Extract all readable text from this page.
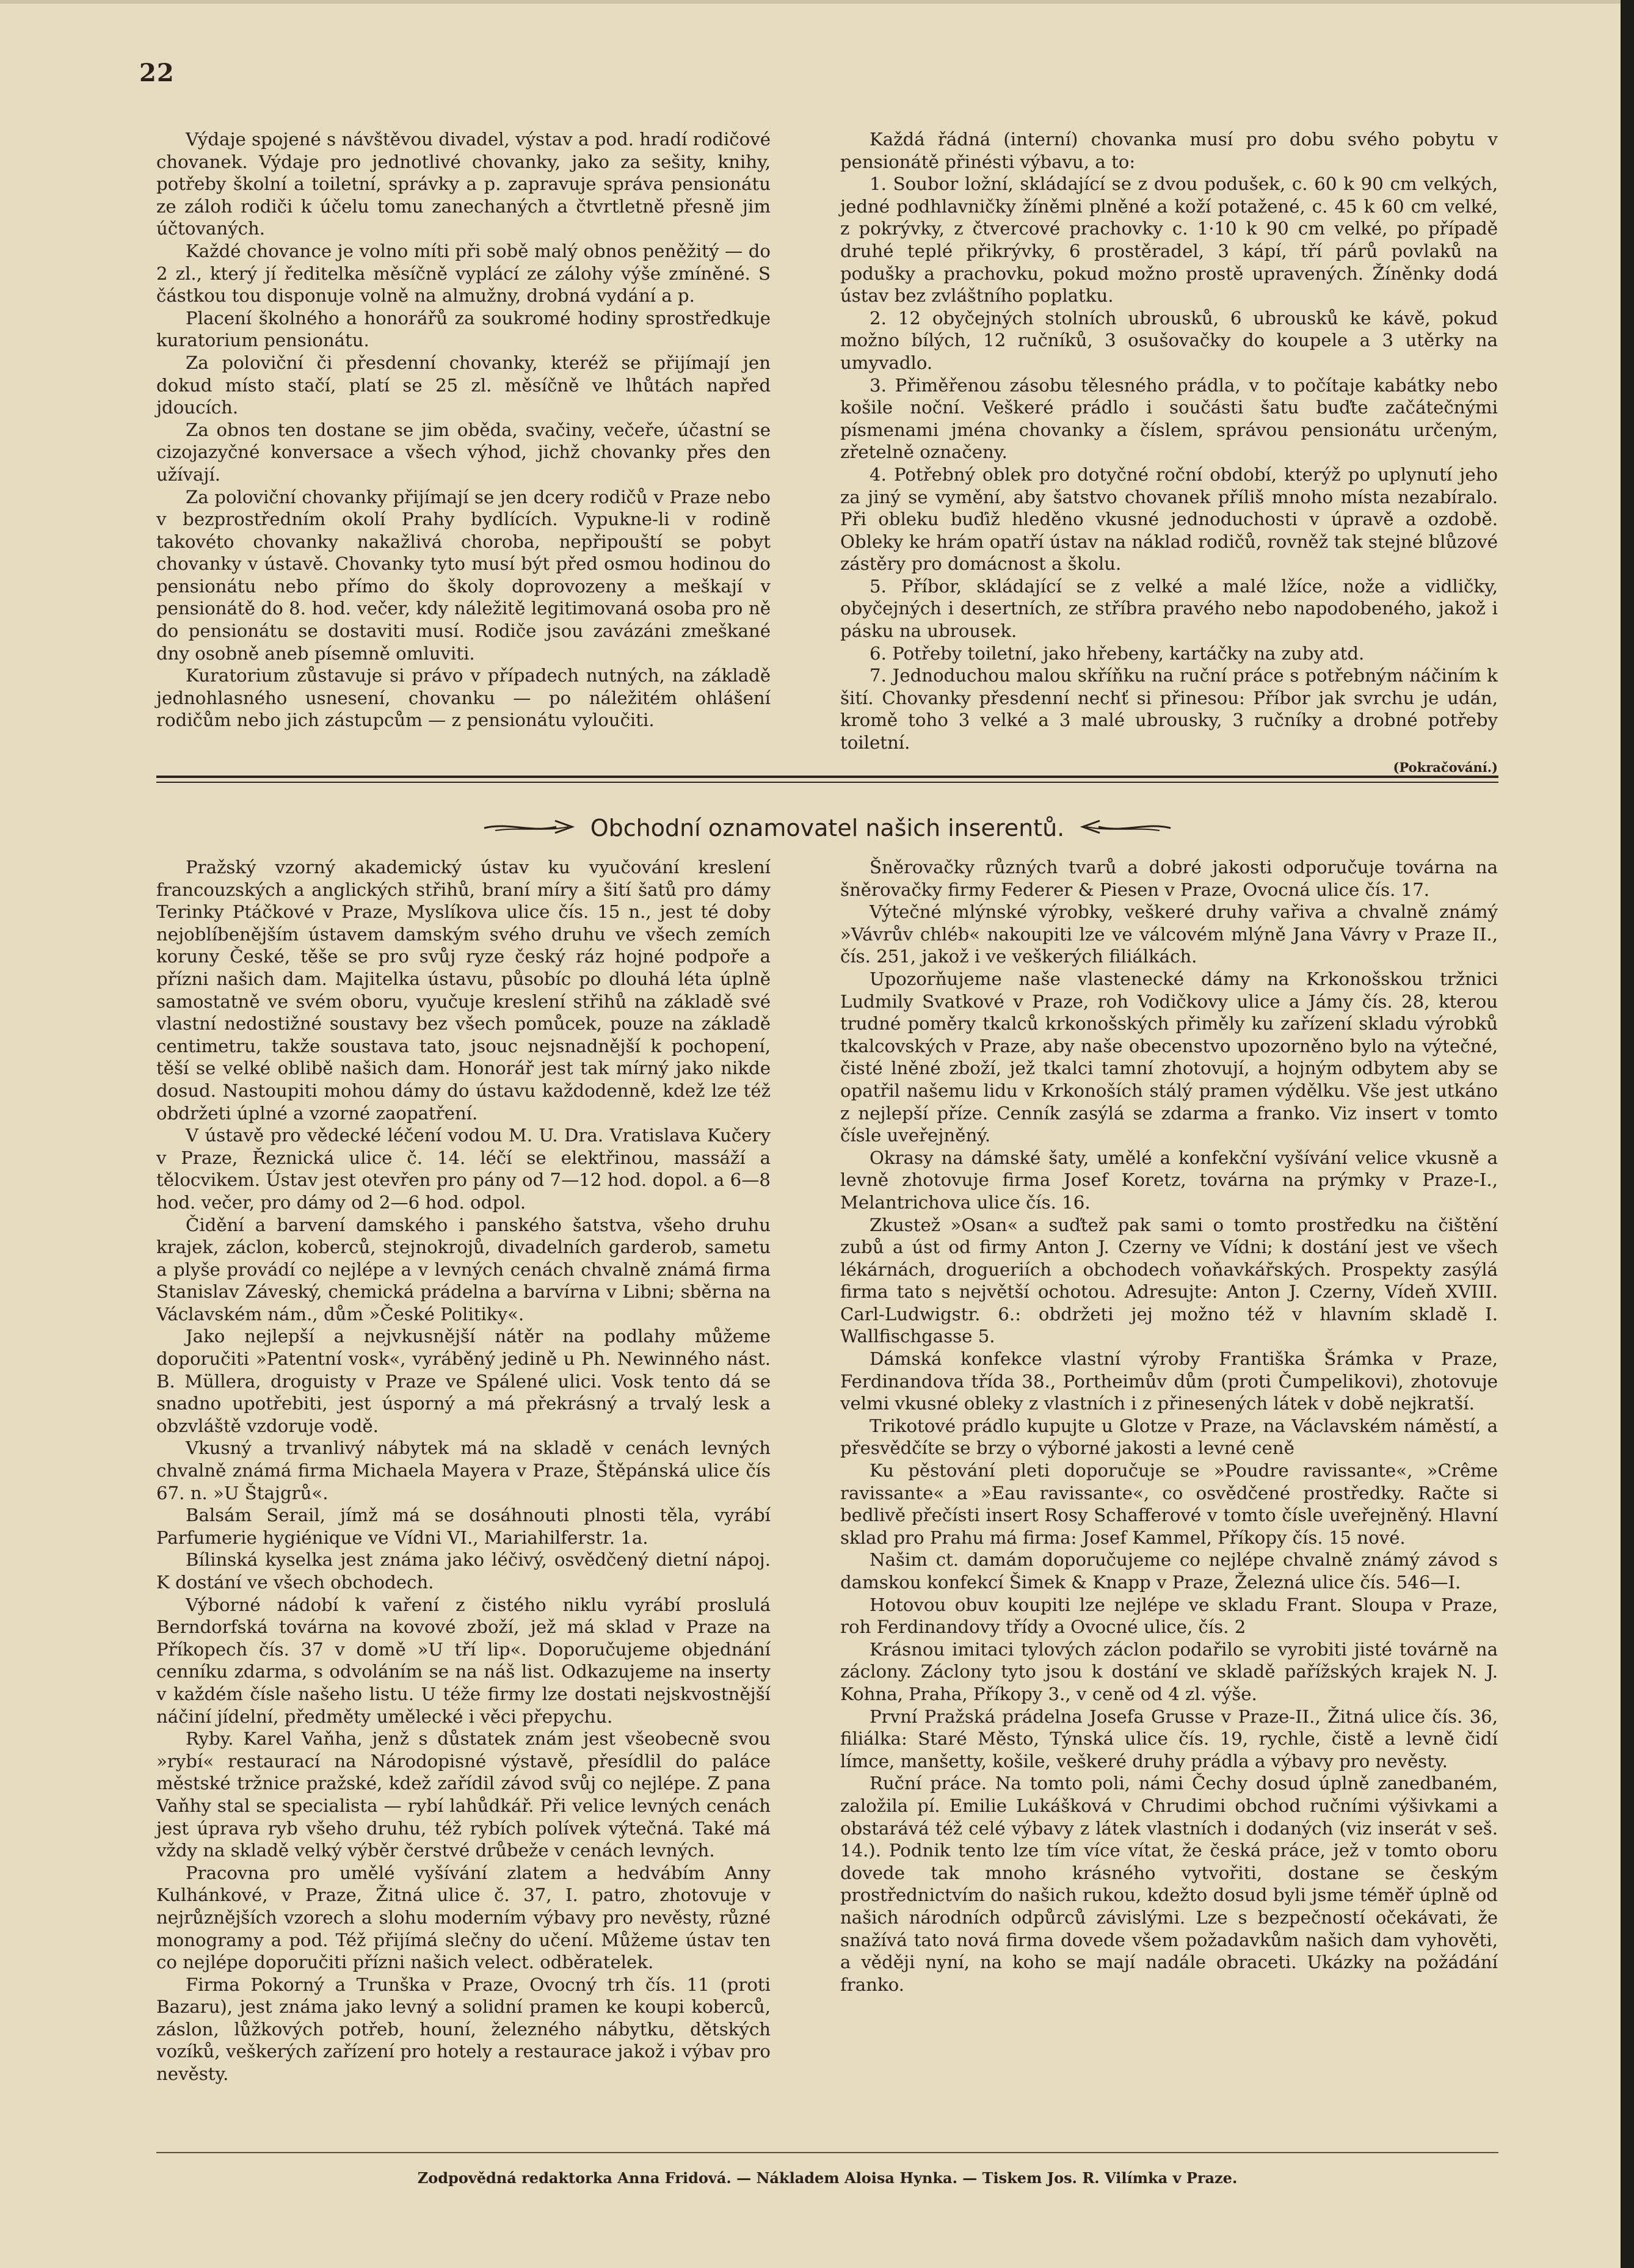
22

Výdaje spojené s návštěvou divadel, výstav a pod. hradí rodičové chovanek. Výdaje pro jednotlivé chovanky, jako za sešity, knihy, potřeby školní a toiletní, správky a p. zapravuje správa pensionátu ze záloh rodiči k účelu tomu zanechaných a čtvrtletně přesně jim účtovaných.

Každé chovance je volno míti při sobě malý obnos peněžitý — do 2 zl., který jí ředitelka měsíčně vyplácí ze zálohy výše zmíněné. S částkou tou disponuje volně na almužny, drobná vydání a p.

Placení školného a honorářů za soukromé hodiny sprostředkuje kuratorium pensionátu.

Za poloviční či přesdenní chovanky, kteréž se přijímají jen dokud místo stačí, platí se 25 zl. měsíčně ve lhůtách napřed jdoucích.

Za obnos ten dostane se jim oběda, svačiny, večeře, účastní se cizojazyčné konversace a všech výhod, jichž chovanky přes den užívají.

Za poloviční chovanky přijímají se jen dcery rodičů v Praze nebo v bezprostředním okolí Prahy bydlících. Vypukne-li v rodině takovéto chovanky nakažlivá choroba, nepřipouští se pobyt chovanky v ústavě. Chovanky tyto musí být před osmou hodinou do pensionátu nebo přímo do školy doprovozeny a meškají v pensionátě do 8. hod. večer, kdy náležitě legitimovaná osoba pro ně do pensionátu se dostaviti musí. Rodiče jsou zavázáni zmeškané dny osobně aneb písemně omluviti.

Kuratorium zůstavuje si právo v případech nutných, na základě jednohlasného usnesení, chovanku — po náležitém ohlášení rodičům nebo jich zástupcům — z pensionátu vyloučiti.

Každá řádná (interní) chovanka musí pro dobu svého pobytu v pensionátě přinésti výbavu, a to:

1. Soubor ložní, skládající se z dvou podušek, c. 60 k 90 cm velkých, jedné podhlavničky žíněmi plněné a koží potažené, c. 45 k 60 cm velké, z pokrývky, z čtvercové prachovky c. 1·10 k 90 cm velké, po případě druhé teplé přikrývky, 6 prostěradel, 3 kápí, tří párů povlaků na podušky a prachovku, pokud možno prostě upravených. Žíněnky dodá ústav bez zvláštního poplatku.

2. 12 obyčejných stolních ubrousků, 6 ubrousků ke kávě, pokud možno bílých, 12 ručníků, 3 osušovačky do koupele a 3 utěrky na umyvadlo.

3. Přiměřenou zásobu tělesného prádla, v to počítaje kabátky nebo košile noční. Veškeré prádlo i součásti šatu buďte začátečnými písmenami jména chovanky a číslem, správou pensionátu určeným, zřetelně označeny.

4. Potřebný oblek pro dotyčné roční období, kterýž po uplynutí jeho za jiný se vymění, aby šatstvo chovanek příliš mnoho místa nezabíralo. Při obleku buďiž hleděno vkusné jednoduchosti v úpravě a ozdobě. Obleky ke hrám opatří ústav na náklad rodičů, rovněž tak stejné blůzové zástěry pro domácnost a školu.

5. Příbor, skládající se z velké a malé lžíce, nože a vidličky, obyčejných i desertních, ze stříbra pravého nebo napodobeného, jakož i pásku na ubrousek.

6. Potřeby toiletní, jako hřebeny, kartáčky na zuby atd.

7. Jednoduchou malou skříňku na ruční práce s potřebným náčiním k šití. Chovanky přesdenní nechť si přinesou: Příbor jak svrchu je udán, kromě toho 3 velké a 3 malé ubrousky, 3 ručníky a drobné potřeby toiletní.

(Pokračování.)
Obchodní oznamovatel našich inserentů.

Pražský vzorný akademický ústav ku vyučování kreslení francouzských a anglických střihů, braní míry a šití šatů pro dámy Terinky Ptáčkové v Praze, Myslíkova ulice čís. 15 n., jest té doby nejoblíbenějším ústavem damským svého druhu ve všech zemích koruny České, těše se pro svůj ryze český ráz hojné podpoře a přízni našich dam. Majitelka ústavu, působíc po dlouhá léta úplně samostatně ve svém oboru, vyučuje kreslení střihů na základě své vlastní nedostižné soustavy bez všech pomůcek, pouze na základě centimetru, takže soustava tato, jsouc nejsnadnější k pochopení, těší se velké oblibě našich dam. Honorář jest tak mírný jako nikde dosud. Nastoupiti mohou dámy do ústavu každodenně, kdež lze též obdržeti úplné a vzorné zaopatření.

V ústavě pro vědecké léčení vodou M. U. Dra. Vratislava Kučery v Praze, Řeznická ulice č. 14. léčí se elektřinou, massáží a tělocvikem. Ústav jest otevřen pro pány od 7—12 hod. dopol. a 6—8 hod. večer, pro dámy od 2—6 hod. odpol.

Čidění a barvení damského i panského šatstva, všeho druhu krajek, záclon, koberců, stejnokrojů, divadelních garderob, sametu a plyše provádí co nejlépe a v levných cenách chvalně známá firma Stanislav Záveský, chemická prádelna a barvírna v Libni; sběrna na Václavském nám., dům »České Politiky«.

Jako nejlepší a nejvkusnější nátěr na podlahy můžeme doporučiti »Patentní vosk«, vyráběný jedině u Ph. Newinného nást. B. Müllera, droguisty v Praze ve Spálené ulici. Vosk tento dá se snadno upotřebiti, jest úsporný a má překrásný a trvalý lesk a obzvláště vzdoruje vodě.

Vkusný a trvanlivý nábytek má na skladě v cenách levných chvalně známá firma Michaela Mayera v Praze, Štěpánská ulice čís 67. n. »U Štajgrů«.

Balsám Serail, jímž má se dosáhnouti plnosti těla, vyrábí Parfumerie hygiénique ve Vídni VI., Mariahilferstr. 1a.

Bílinská kyselka jest známa jako léčivý, osvědčený dietní nápoj. K dostání ve všech obchodech.

Výborné nádobí k vaření z čistého niklu vyrábí proslulá Berndorfská továrna na kovové zboží, jež má sklad v Praze na Příkopech čís. 37 v domě »U tří lip«. Doporučujeme objednání cenníku zdarma, s odvoláním se na náš list. Odkazujeme na inserty v každém čísle našeho listu. U téže firmy lze dostati nejskvostnější náčiní jídelní, předměty umělecké i věci přepychu.

Ryby. Karel Vaňha, jenž s důstatek znám jest všeobecně svou »rybí« restaurací na Národopisné výstavě, přesídlil do paláce městské tržnice pražské, kdež zařídil závod svůj co nejlépe. Z pana Vaňhy stal se specialista — rybí lahůdkář. Při velice levných cenách jest úprava ryb všeho druhu, též rybích polívek výtečná. Také má vždy na skladě velký výběr čerstvé drůbeže v cenách levných.

Pracovna pro umělé vyšívání zlatem a hedvábím Anny Kulhánkové, v Praze, Žitná ulice č. 37, I. patro, zhotovuje v nejrůznějších vzorech a slohu moderním výbavy pro nevěsty, různé monogramy a pod. Též přijímá slečny do učení. Můžeme ústav ten co nejlépe doporučiti přízni našich velect. odběratelek.

Firma Pokorný a Trunška v Praze, Ovocný trh čís. 11 (proti Bazaru), jest známa jako levný a solidní pramen ke koupi koberců, záslon, lůžkových potřeb, houní, železného nábytku, dětských vozíků, veškerých zařízení pro hotely a restaurace jakož i výbav pro nevěsty.

Šněrovačky různých tvarů a dobré jakosti odporučuje továrna na šněrovačky firmy Federer & Piesen v Praze, Ovocná ulice čís. 17.

Výtečné mlýnské výrobky, veškeré druhy vařiva a chvalně známý »Vávrův chléb« nakoupiti lze ve válcovém mlýně Jana Vávry v Praze II., čís. 251, jakož i ve veškerých filiálkách.

Upozorňujeme naše vlastenecké dámy na Krkonošskou tržnici Ludmily Svatkové v Praze, roh Vodičkovy ulice a Jámy čís. 28, kterou trudné poměry tkalců krkonošských přiměly ku zařízení skladu výrobků tkalcovských v Praze, aby naše obecenstvo upozorněno bylo na výtečné, čisté lněné zboží, jež tkalci tamní zhotovují, a hojným odbytem aby se opatřil našemu lidu v Krkonoších stálý pramen výdělku. Vše jest utkáno z nejlepší příze. Cenník zasýlá se zdarma a franko. Viz insert v tomto čísle uveřejněný.

Okrasy na dámské šaty, umělé a konfekční vyšívání velice vkusně a levně zhotovuje firma Josef Koretz, továrna na prýmky v Praze-I., Melantrichova ulice čís. 16.

Zkustež »Osan« a suďtež pak sami o tomto prostředku na čištění zubů a úst od firmy Anton J. Czerny ve Vídni; k dostání jest ve všech lékárnách, drogueriích a obchodech voňavkářských. Prospekty zasýlá firma tato s největší ochotou. Adresujte: Anton J. Czerny, Vídeň XVIII. Carl-Ludwigstr. 6.: obdržeti jej možno též v hlavním skladě I. Wallfischgasse 5.

Dámská konfekce vlastní výroby Františka Šrámka v Praze, Ferdinandova třída 38., Portheimův dům (proti Čumpelikovi), zhotovuje velmi vkusné obleky z vlastních i z přinesených látek v době nejkratší.

Trikotové prádlo kupujte u Glotze v Praze, na Václavském náměstí, a přesvědčíte se brzy o výborné jakosti a levné ceně

Ku pěstování pleti doporučuje se »Poudre ravissante«, »Crême ravissante« a »Eau ravissante«, co osvědčené prostředky. Račte si bedlivě přečísti insert Rosy Schafferové v tomto čísle uveřejněný. Hlavní sklad pro Prahu má firma: Josef Kammel, Příkopy čís. 15 nové.

Našim ct. damám doporučujeme co nejlépe chvalně známý závod s damskou konfekcí Šimek & Knapp v Praze, Železná ulice čís. 546—I.

Hotovou obuv koupiti lze nejlépe ve skladu Frant. Sloupa v Praze, roh Ferdinandovy třídy a Ovocné ulice, čís. 2

Krásnou imitaci tylových záclon podařilo se vyrobiti jisté továrně na záclony. Záclony tyto jsou k dostání ve skladě pařížských krajek N. J. Kohna, Praha, Příkopy 3., v ceně od 4 zl. výše.

První Pražská prádelna Josefa Grusse v Praze-II., Žitná ulice čís. 36, filiálka: Staré Město, Týnská ulice čís. 19, rychle, čistě a levně čidí límce, manšetty, košile, veškeré druhy prádla a výbavy pro nevěsty.

Ruční práce. Na tomto poli, námi Čechy dosud úplně zanedbaném, založila pí. Emilie Lukášková v Chrudimi obchod ručními výšivkami a obstarává též celé výbavy z látek vlastních i dodaných (viz inserát v seš. 14.). Podnik tento lze tím více vítat, že česká práce, jež v tomto oboru dovede tak mnoho krásného vytvořiti, dostane se českým prostřednictvím do našich rukou, kdežto dosud byli jsme téměř úplně od našich národních odpůrců závislými. Lze s bezpečností očekávati, že snažívá tato nová firma dovede všem požadavkům našich dam vyhověti, a věději nyní, na koho se mají nadále obraceti. Ukázky na požádání franko.

Zodpovědná redaktorka Anna Fridová. — Nákladem Aloisa Hynka. — Tiskem Jos. R. Vilímka v Praze.
